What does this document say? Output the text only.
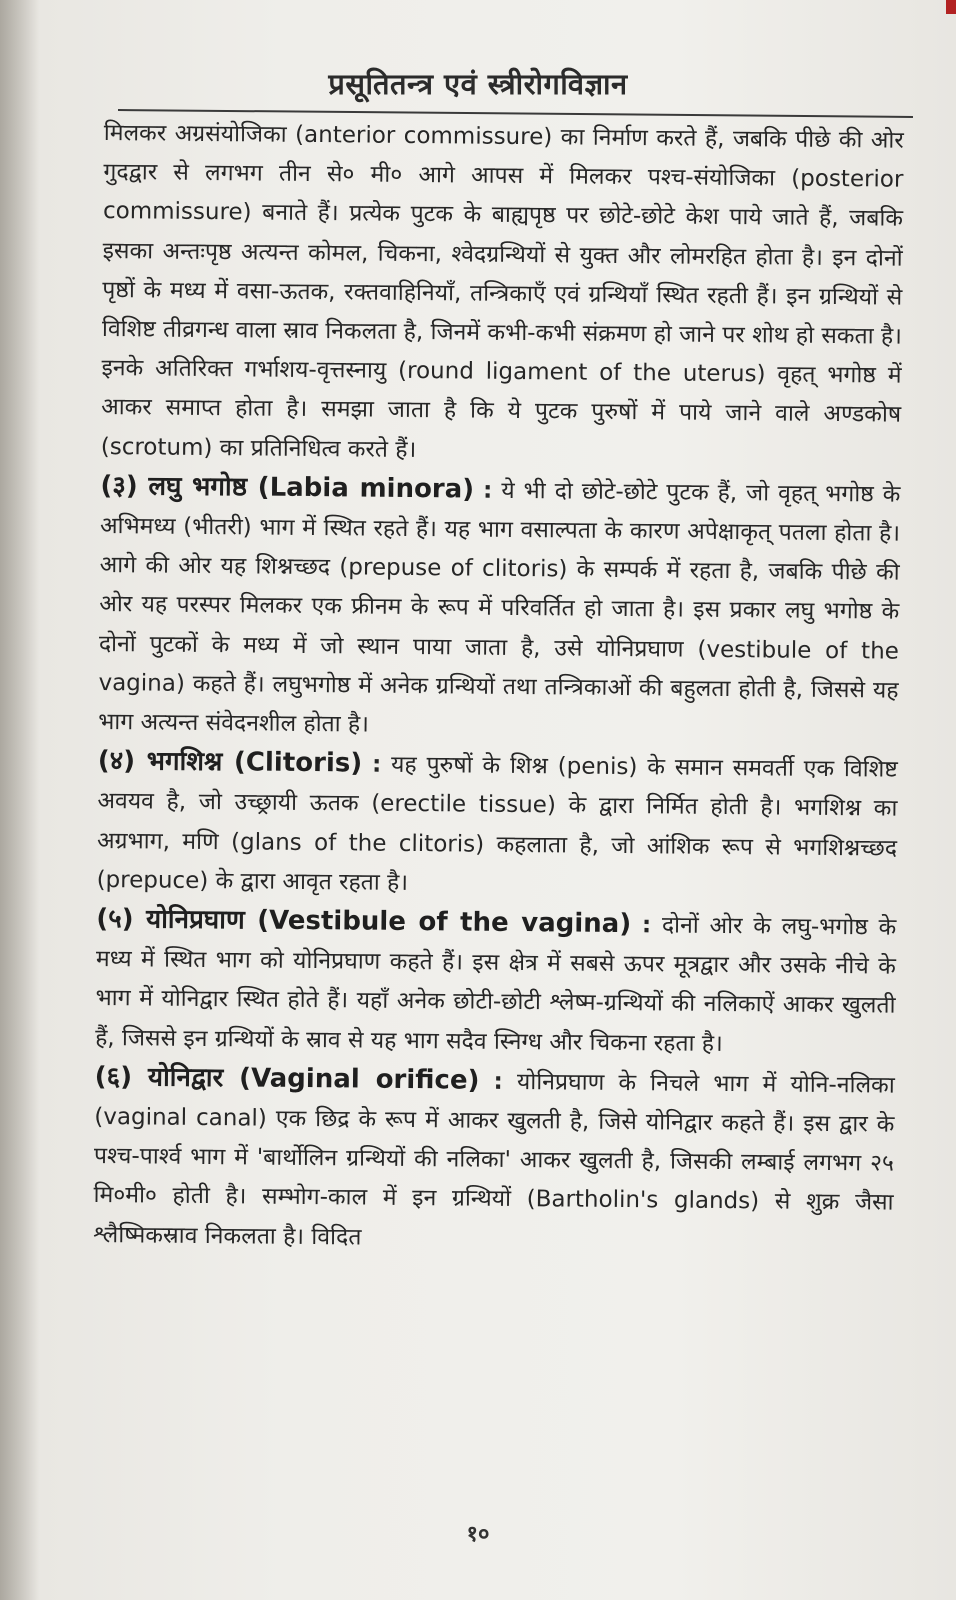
प्रसूतितन्त्र एवं स्त्रीरोगविज्ञान

मिलकर अग्रसंयोजिका (anterior commissure) का निर्माण करते हैं, जबकि पीछे की ओर गुदद्वार से लगभग तीन से० मी० आगे आपस में मिलकर पश्च-संयोजिका (posterior commissure) बनाते हैं। प्रत्येक पुटक के बाह्यपृष्ठ पर छोटे-छोटे केश पाये जाते हैं, जबकि इसका अन्तःपृष्ठ अत्यन्त कोमल, चिकना, श्वेदग्रन्थियों से युक्त और लोमरहित होता है। इन दोनों पृष्ठों के मध्य में वसा-ऊतक, रक्तवाहिनियाँ, तन्त्रिकाएँ एवं ग्रन्थियाँ स्थित रहती हैं। इन ग्रन्थियों से विशिष्ट तीव्रगन्ध वाला स्राव निकलता है, जिनमें कभी-कभी संक्रमण हो जाने पर शोथ हो सकता है। इनके अतिरिक्त गर्भाशय-वृत्तस्नायु (round ligament of the uterus) वृहत् भगोष्ठ में आकर समाप्त होता है। समझा जाता है कि ये पुटक पुरुषों में पाये जाने वाले अण्डकोष (scrotum) का प्रतिनिधित्व करते हैं।

(३) लघु भगोष्ठ (Labia minora) : ये भी दो छोटे-छोटे पुटक हैं, जो वृहत् भगोष्ठ के अभिमध्य (भीतरी) भाग में स्थित रहते हैं। यह भाग वसाल्पता के कारण अपेक्षाकृत् पतला होता है। आगे की ओर यह शिश्नच्छद (prepuse of clitoris) के सम्पर्क में रहता है, जबकि पीछे की ओर यह परस्पर मिलकर एक फ्रीनम के रूप में परिवर्तित हो जाता है। इस प्रकार लघु भगोष्ठ के दोनों पुटकों के मध्य में जो स्थान पाया जाता है, उसे योनिप्रघाण (vestibule of the vagina) कहते हैं। लघुभगोष्ठ में अनेक ग्रन्थियों तथा तन्त्रिकाओं की बहुलता होती है, जिससे यह भाग अत्यन्त संवेदनशील होता है।

(४) भगशिश्न (Clitoris) : यह पुरुषों के शिश्न (penis) के समान समवर्ती एक विशिष्ट अवयव है, जो उच्छ्रायी ऊतक (erectile tissue) के द्वारा निर्मित होती है। भगशिश्न का अग्रभाग, मणि (glans of the clitoris) कहलाता है, जो आंशिक रूप से भगशिश्नच्छद (prepuce) के द्वारा आवृत रहता है।

(५) योनिप्रघाण (Vestibule of the vagina) : दोनों ओर के लघु-भगोष्ठ के मध्य में स्थित भाग को योनिप्रघाण कहते हैं। इस क्षेत्र में सबसे ऊपर मूत्रद्वार और उसके नीचे के भाग में योनिद्वार स्थित होते हैं। यहाँ अनेक छोटी-छोटी श्लेष्म-ग्रन्थियों की नलिकाऐं आकर खुलती हैं, जिससे इन ग्रन्थियों के स्राव से यह भाग सदैव स्निग्ध और चिकना रहता है।

(६) योनिद्वार (Vaginal orifice) : योनिप्रघाण के निचले भाग में योनि-नलिका (vaginal canal) एक छिद्र के रूप में आकर खुलती है, जिसे योनिद्वार कहते हैं। इस द्वार के पश्च-पार्श्व भाग में 'बार्थोलिन ग्रन्थियों की नलिका' आकर खुलती है, जिसकी लम्बाई लगभग २५ मि०मी० होती है। सम्भोग-काल में इन ग्रन्थियों (Bartholin's glands) से शुक्र जैसा श्लैष्मिकस्राव निकलता है। विदित

१०
